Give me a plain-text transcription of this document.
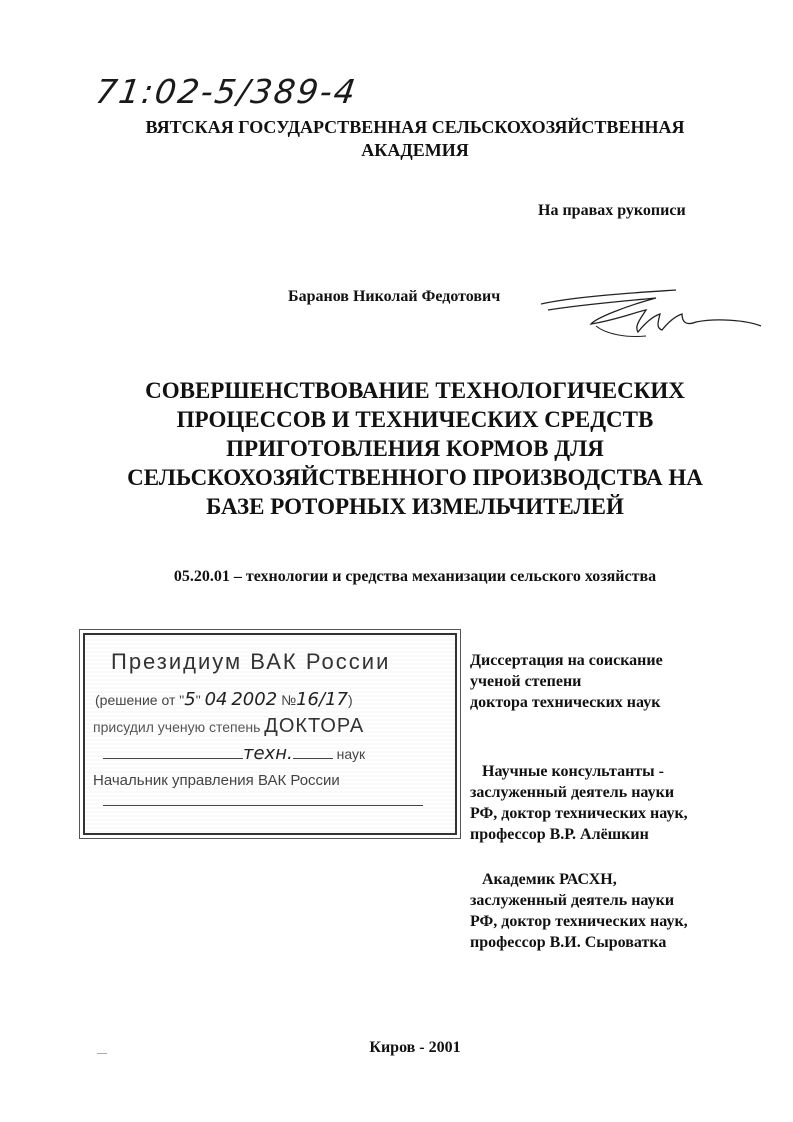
71:02-5/389-4
ВЯТСКАЯ ГОСУДАРСТВЕННАЯ СЕЛЬСКОХОЗЯЙСТВЕННАЯ
АКАДЕМИЯ
На правах рукописи
Баранов Николай Федотович
СОВЕРШЕНСТВОВАНИЕ ТЕХНОЛОГИЧЕСКИХ
ПРОЦЕССОВ И ТЕХНИЧЕСКИХ СРЕДСТВ
ПРИГОТОВЛЕНИЯ КОРМОВ ДЛЯ
СЕЛЬСКОХОЗЯЙСТВЕННОГО ПРОИЗВОДСТВА НА
БАЗЕ РОТОРНЫХ ИЗМЕЛЬЧИТЕЛЕЙ
05.20.01 – технологии и средства механизации сельского хозяйства
Президиум ВАК России
(решение от "5" 04 2002 №16/17)
присудил ученую степень ДОКТОРА
техн.	наук
Начальник управления ВАК России
Диссертация на соискание
ученой степени
доктора технических наук
Научные консультанты -
заслуженный деятель науки
РФ, доктор технических наук,
профессор В.Р. Алёшкин
Академик РАСХН,
заслуженный деятель науки
РФ, доктор технических наук,
профессор В.И. Сыроватка
Киров - 2001
